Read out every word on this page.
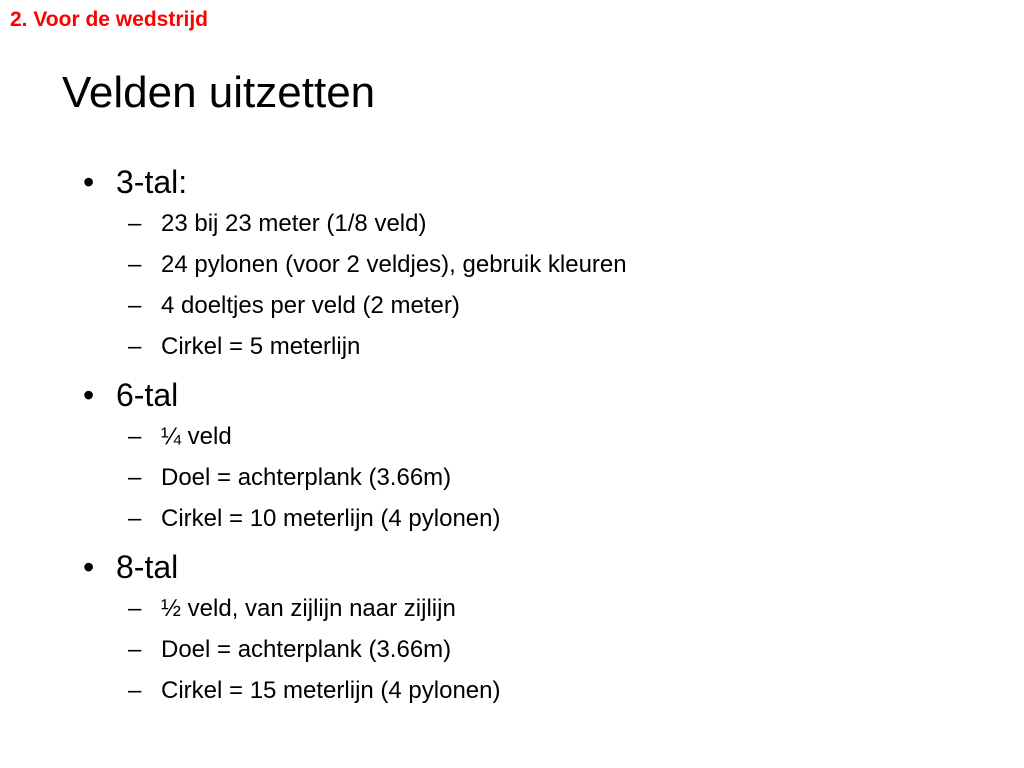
2. Voor de wedstrijd
Velden uitzetten
• 3-tal:
– 23 bij 23 meter (1/8 veld)
– 24 pylonen (voor 2 veldjes), gebruik kleuren
– 4 doeltjes per veld (2 meter)
– Cirkel = 5 meterlijn
• 6-tal
– ¼ veld
– Doel = achterplank (3.66m)
– Cirkel = 10 meterlijn (4 pylonen)
• 8-tal
– ½ veld, van zijlijn naar zijlijn
– Doel = achterplank (3.66m)
– Cirkel = 15 meterlijn (4 pylonen)
